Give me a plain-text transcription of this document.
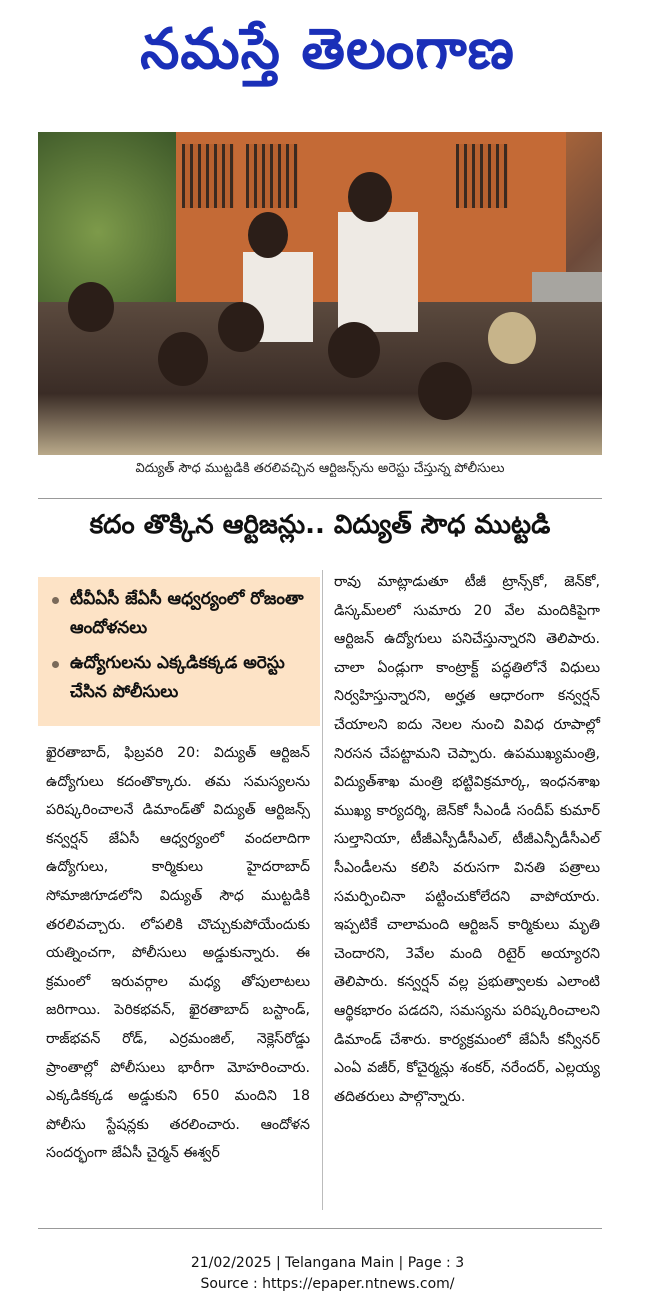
నమస్తే తెలంగాణ
విద్యుత్ సౌధ ముట్టడికి తరలివచ్చిన ఆర్టిజన్స్‌ను అరెస్టు చేస్తున్న పోలీసులు
కదం తొక్కిన ఆర్టిజన్లు.. విద్యుత్ సౌధ ముట్టడి
టీవీఏసీ జేఏసీ ఆధ్వర్యంలో రోజంతా ఆందోళనలు
ఉద్యోగులను ఎక్కడికక్కడ అరెస్టు చేసిన పోలీసులు

ఖైరతాబాద్, ఫిబ్రవరి 20: విద్యుత్ ఆర్టిజన్ ఉద్యోగులు కదంతొక్కారు. తమ సమస్యలను పరిష్కరించాలనే డిమాండ్‌తో విద్యుత్ ఆర్టిజన్స్ కన్వర్షన్ జేఏసీ ఆధ్వర్యంలో వందలాదిగా ఉద్యోగులు, కార్మికులు హైదరాబాద్ సోమాజిగూడలోని విద్యుత్ సౌధ ముట్టడికి తరలివచ్చారు. లోపలికి చొచ్చుకుపోయేందుకు యత్నించగా, పోలీసులు అడ్డుకున్నారు. ఈ క్రమంలో ఇరువర్గాల మధ్య తోపులాటలు జరిగాయి. పెరికభవన్, ఖైరతాబాద్ బస్టాండ్, రాజ్‌భవన్ రోడ్, ఎర్రమంజిల్, నెక్లెస్‌రోడ్డు ప్రాంతాల్లో పోలీసులు భారీగా మోహరించారు. ఎక్కడికక్కడ అడ్డుకుని 650 మందిని 18 పోలీసు స్టేషన్లకు తరలించారు. ఆందోళన సందర్భంగా జేఏసీ చైర్మన్ ఈశ్వర్

రావు మాట్లాడుతూ టీజీ ట్రాన్స్‌కో, జెన్‌కో, డిస్కమ్‌లలో సుమారు 20 వేల మందికిపైగా ఆర్టిజన్ ఉద్యోగులు పనిచేస్తున్నారని తెలిపారు. చాలా ఏండ్లుగా కాంట్రాక్ట్ పద్ధతిలోనే విధులు నిర్వహిస్తున్నారని, అర్హత ఆధారంగా కన్వర్షన్ చేయాలని ఐదు నెలల నుంచి వివిధ రూపాల్లో నిరసన చేపట్టామని చెప్పారు. ఉపముఖ్యమంత్రి, విద్యుత్‌శాఖ మంత్రి భట్టివిక్రమార్క, ఇంధనశాఖ ముఖ్య కార్యదర్శి, జెన్‌కో సీఎండీ సందీప్ కుమార్ సుల్తానియా, టీజీఎస్పీడీసీఎల్, టీజీఎన్పీడీసీఎల్ సీఎండీలను కలిసి వరుసగా వినతి పత్రాలు సమర్పించినా పట్టించుకోలేదని వాపోయారు. ఇప్పటికే చాలామంది ఆర్టిజన్ కార్మికులు మృతి చెందారని, 3వేల మంది రిటైర్ అయ్యారని తెలిపారు. కన్వర్షన్ వల్ల ప్రభుత్వాలకు ఎలాంటి ఆర్థికభారం పడదని, సమస్యను పరిష్కరించాలని డిమాండ్ చేశారు. కార్యక్రమంలో జేఏసీ కన్వీనర్ ఎంఏ వజీర్, కోచైర్మన్లు శంకర్, నరేందర్, ఎల్లయ్య తదితరులు పాల్గొన్నారు.

21/02/2025 | Telangana Main | Page : 3
Source : https://epaper.ntnews.com/
